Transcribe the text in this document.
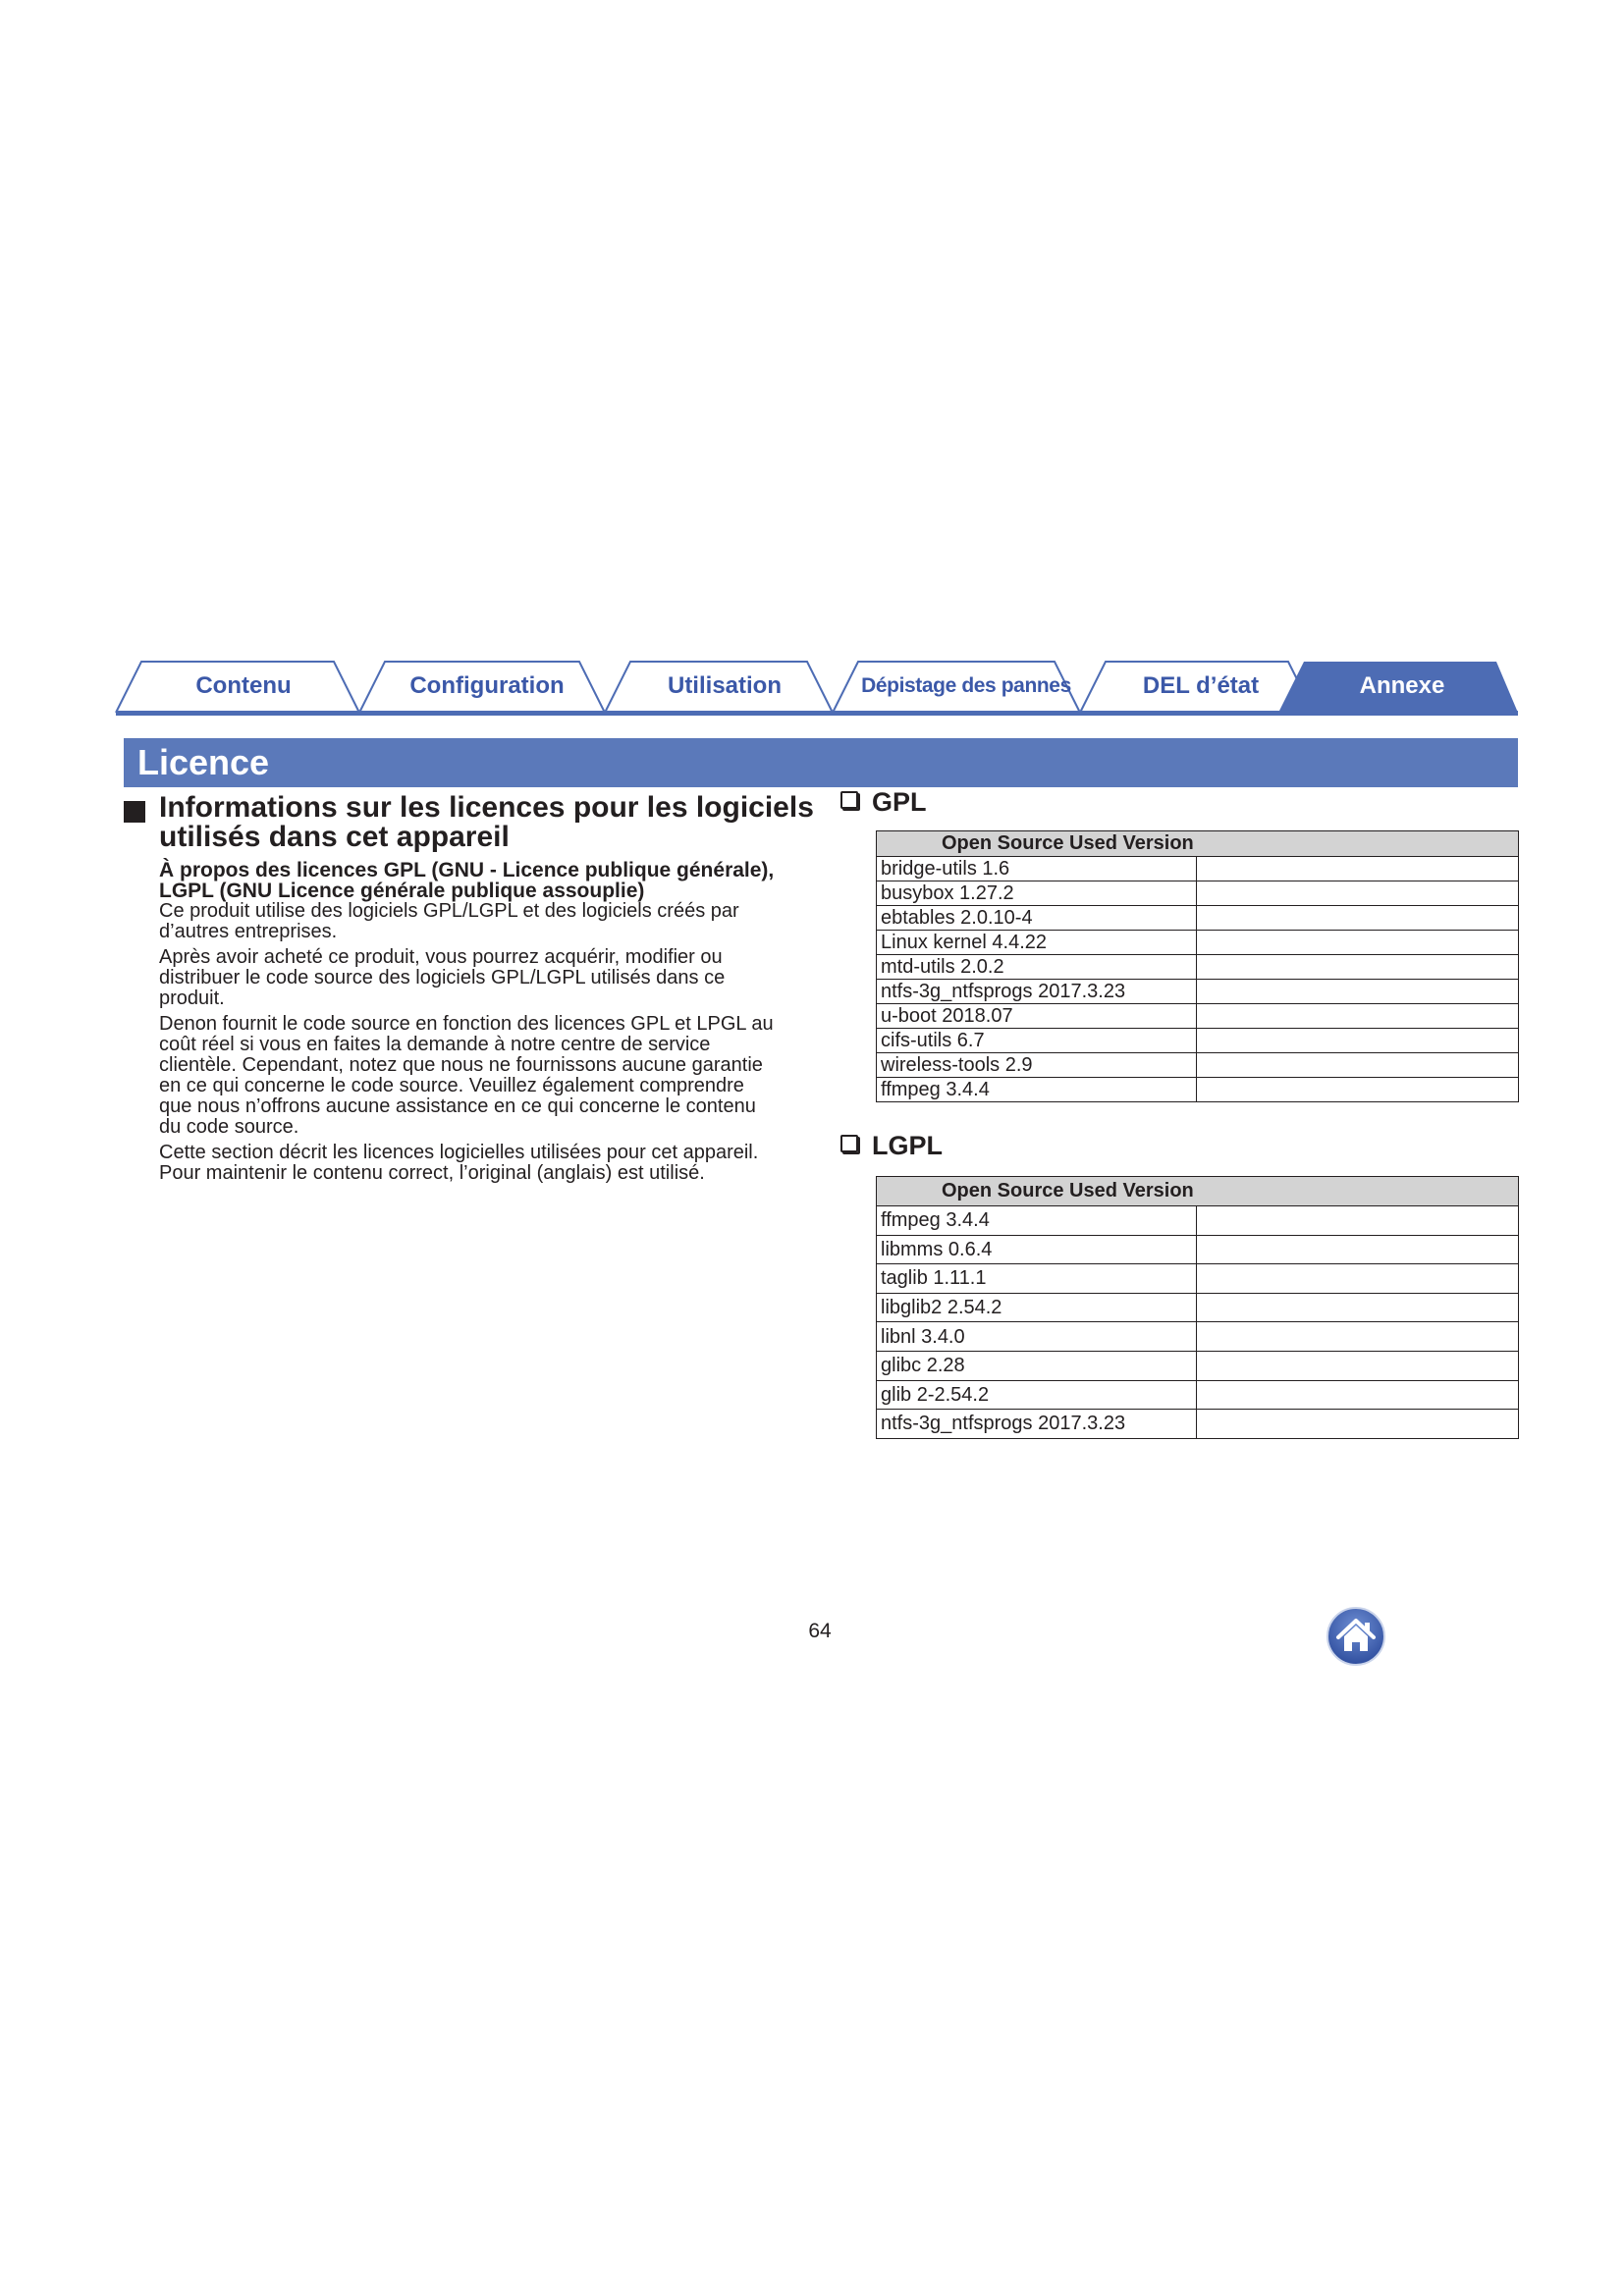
Contenu	Configuration	Utilisation	Dépistage des pannes	DEL d’état	Annexe
Licence
Informations sur les licences pour les logiciels utilisés dans cet appareil
À propos des licences GPL (GNU - Licence publique générale), LGPL (GNU Licence générale publique assouplie)

Ce produit utilise des logiciels GPL/LGPL et des logiciels créés par
d’autres entreprises.

Après avoir acheté ce produit, vous pourrez acquérir, modifier ou
distribuer le code source des logiciels GPL/LGPL utilisés dans ce
produit.

Denon fournit le code source en fonction des licences GPL et LPGL au
coût réel si vous en faites la demande à notre centre de service
clientèle. Cependant, notez que nous ne fournissons aucune garantie
en ce qui concerne le code source. Veuillez également comprendre
que nous n’offrons aucune assistance en ce qui concerne le contenu
du code source.

Cette section décrit les licences logicielles utilisées pour cet appareil.
Pour maintenir le contenu correct, l’original (anglais) est utilisé.

GPL
Open Source Used Version	
bridge-utils 1.6	
busybox 1.27.2	
ebtables 2.0.10-4	
Linux kernel 4.4.22	
mtd-utils 2.0.2	
ntfs-3g_ntfsprogs 2017.3.23	
u-boot 2018.07	
cifs-utils 6.7	
wireless-tools 2.9	
ffmpeg 3.4.4	
LGPL
Open Source Used Version	
ffmpeg 3.4.4	
libmms 0.6.4	
taglib 1.11.1	
libglib2 2.54.2	
libnl 3.4.0	
glibc 2.28	
glib 2-2.54.2	
ntfs-3g_ntfsprogs 2017.3.23	
64
